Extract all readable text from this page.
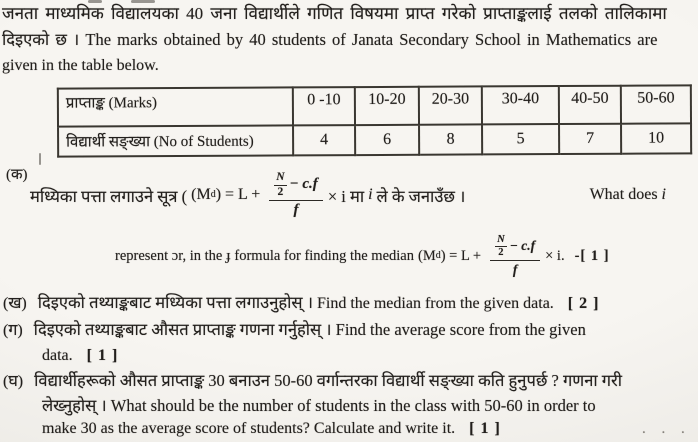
जनता माध्यमिक विद्यालयका 40 जना विद्यार्थीले गणित विषयमा प्राप्त गरेको प्राप्ताङ्कलाई तलको तालिकामा
दिइएको छ । The marks obtained by 40 students of Janata Secondary School in Mathematics are
given in the table below.
प्राप्ताङ्क (Marks)	0 -10	10-20	20-30	30-40	40-50	50-60
विद्यार्थी सङ्ख्या (No of Students)	4	6	8	5	7	10
(क)
मध्यिका पत्ता लगाउने सूत्र ( (M d ) = L + N
2 − c.f
f × i मा i ले के जनाउँछ ।	What does i
represent ɔr, in the ɟ formula for finding the median (M d ) = L + N
2 − c.f
f × i. -[ 1 ]
(ख) दिइएको तथ्याङ्कबाट मध्यिका पत्ता लगाउनुहोस् । Find the median from the given data. [ 2 ]
(ग) दिइएको तथ्याङ्कबाट औसत प्राप्ताङ्क गणना गर्नुहोस् । Find the average score from the given
data. [ 1 ]
(घ) विद्यार्थीहरूको औसत प्राप्ताङ्क 30 बनाउन 50-60 वर्गान्तरका विद्यार्थी सङ्ख्या कति हुनुपर्छ ? गणना गरी
लेख्नुहोस् । What should be the number of students in the class with 50-60 in order to
make 30 as the average score of students? Calculate and write it. [ 1 ]	. . .
